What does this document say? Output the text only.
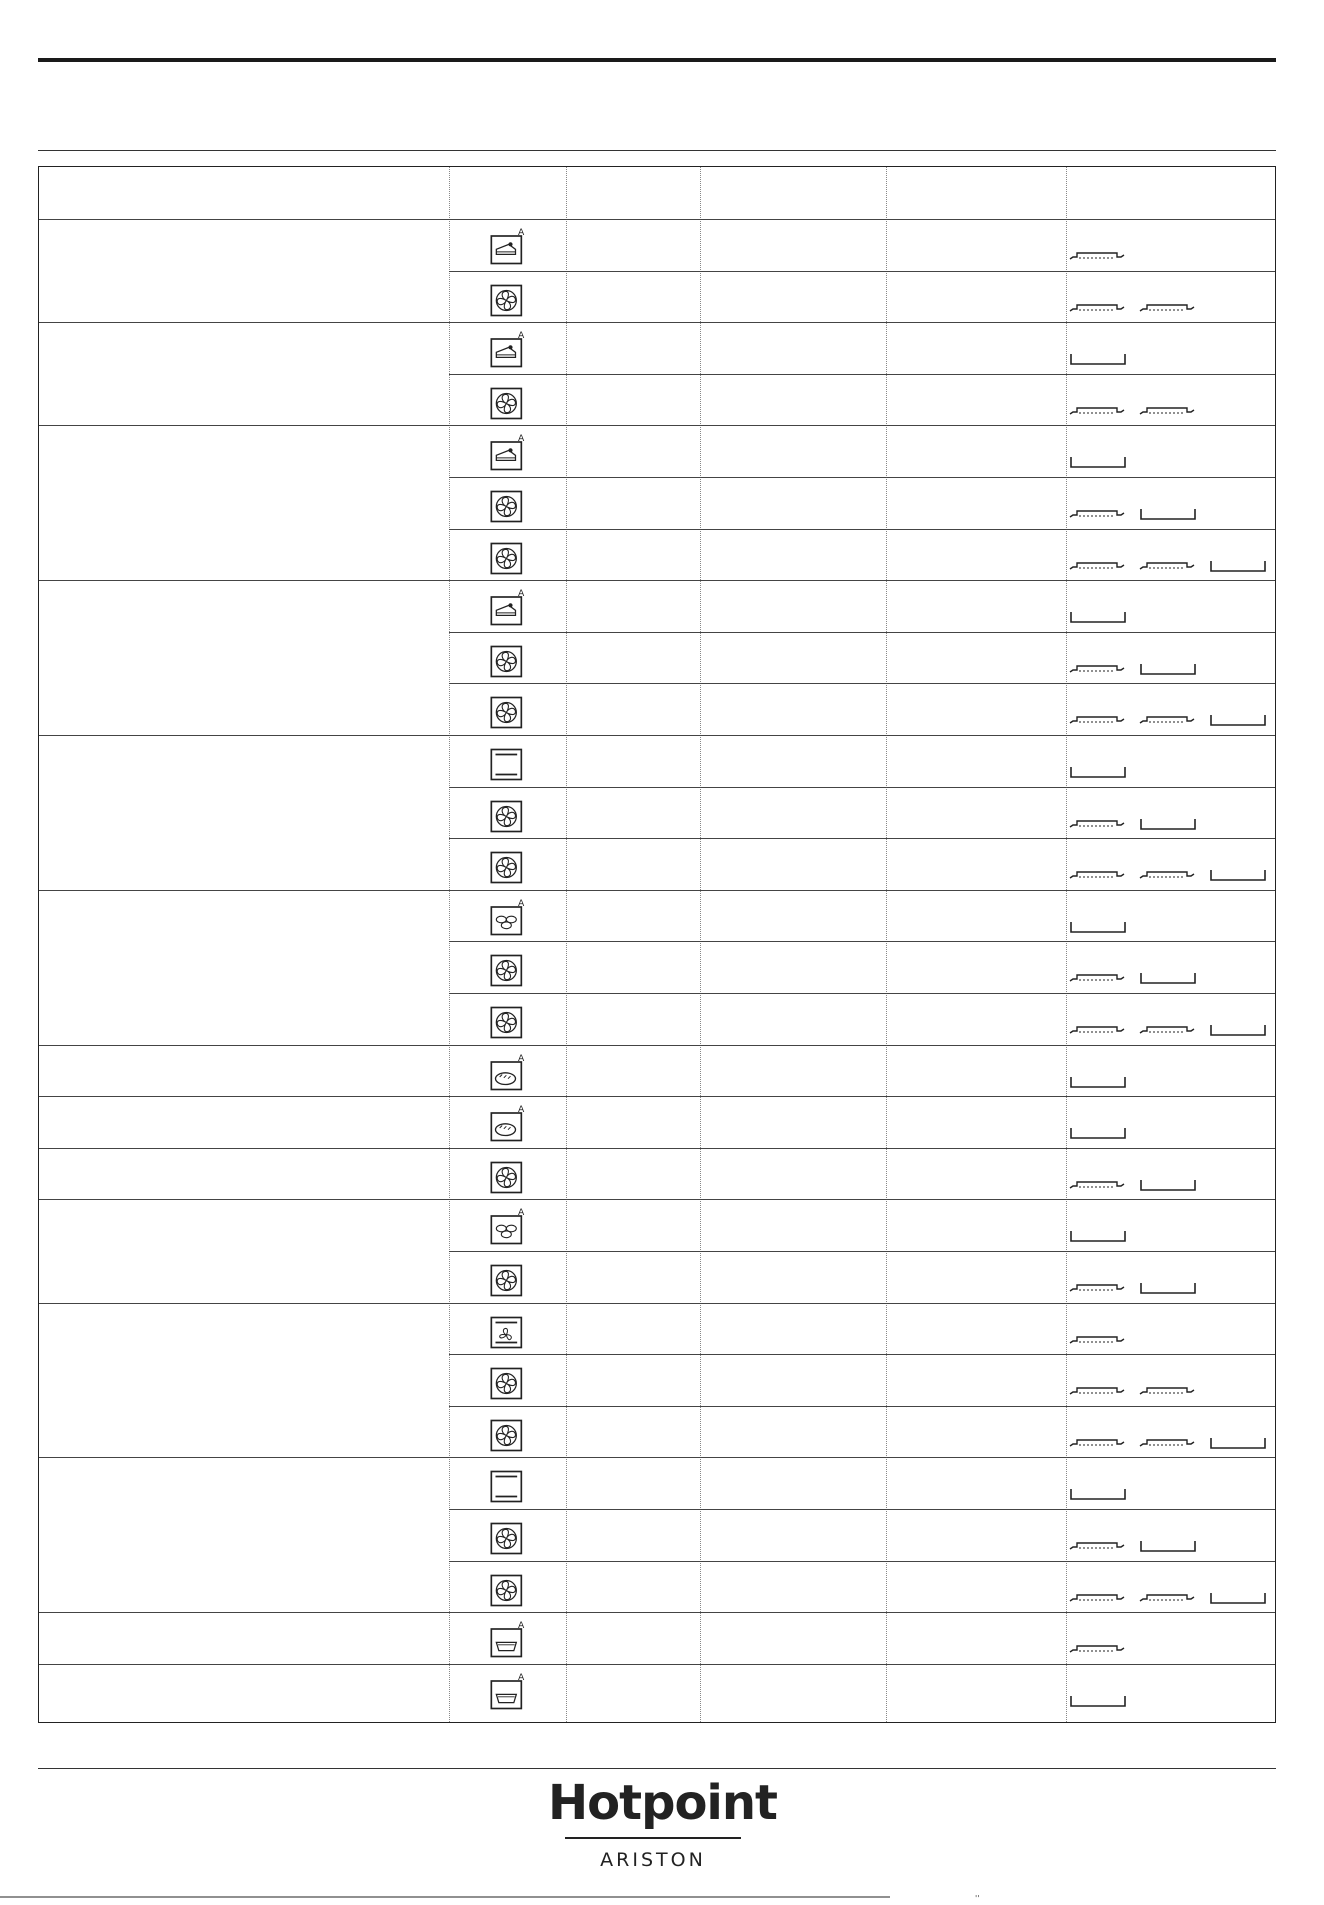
A
A
A
A
A
A
A
A
A
A
Hotpoint
ARISTON
''
